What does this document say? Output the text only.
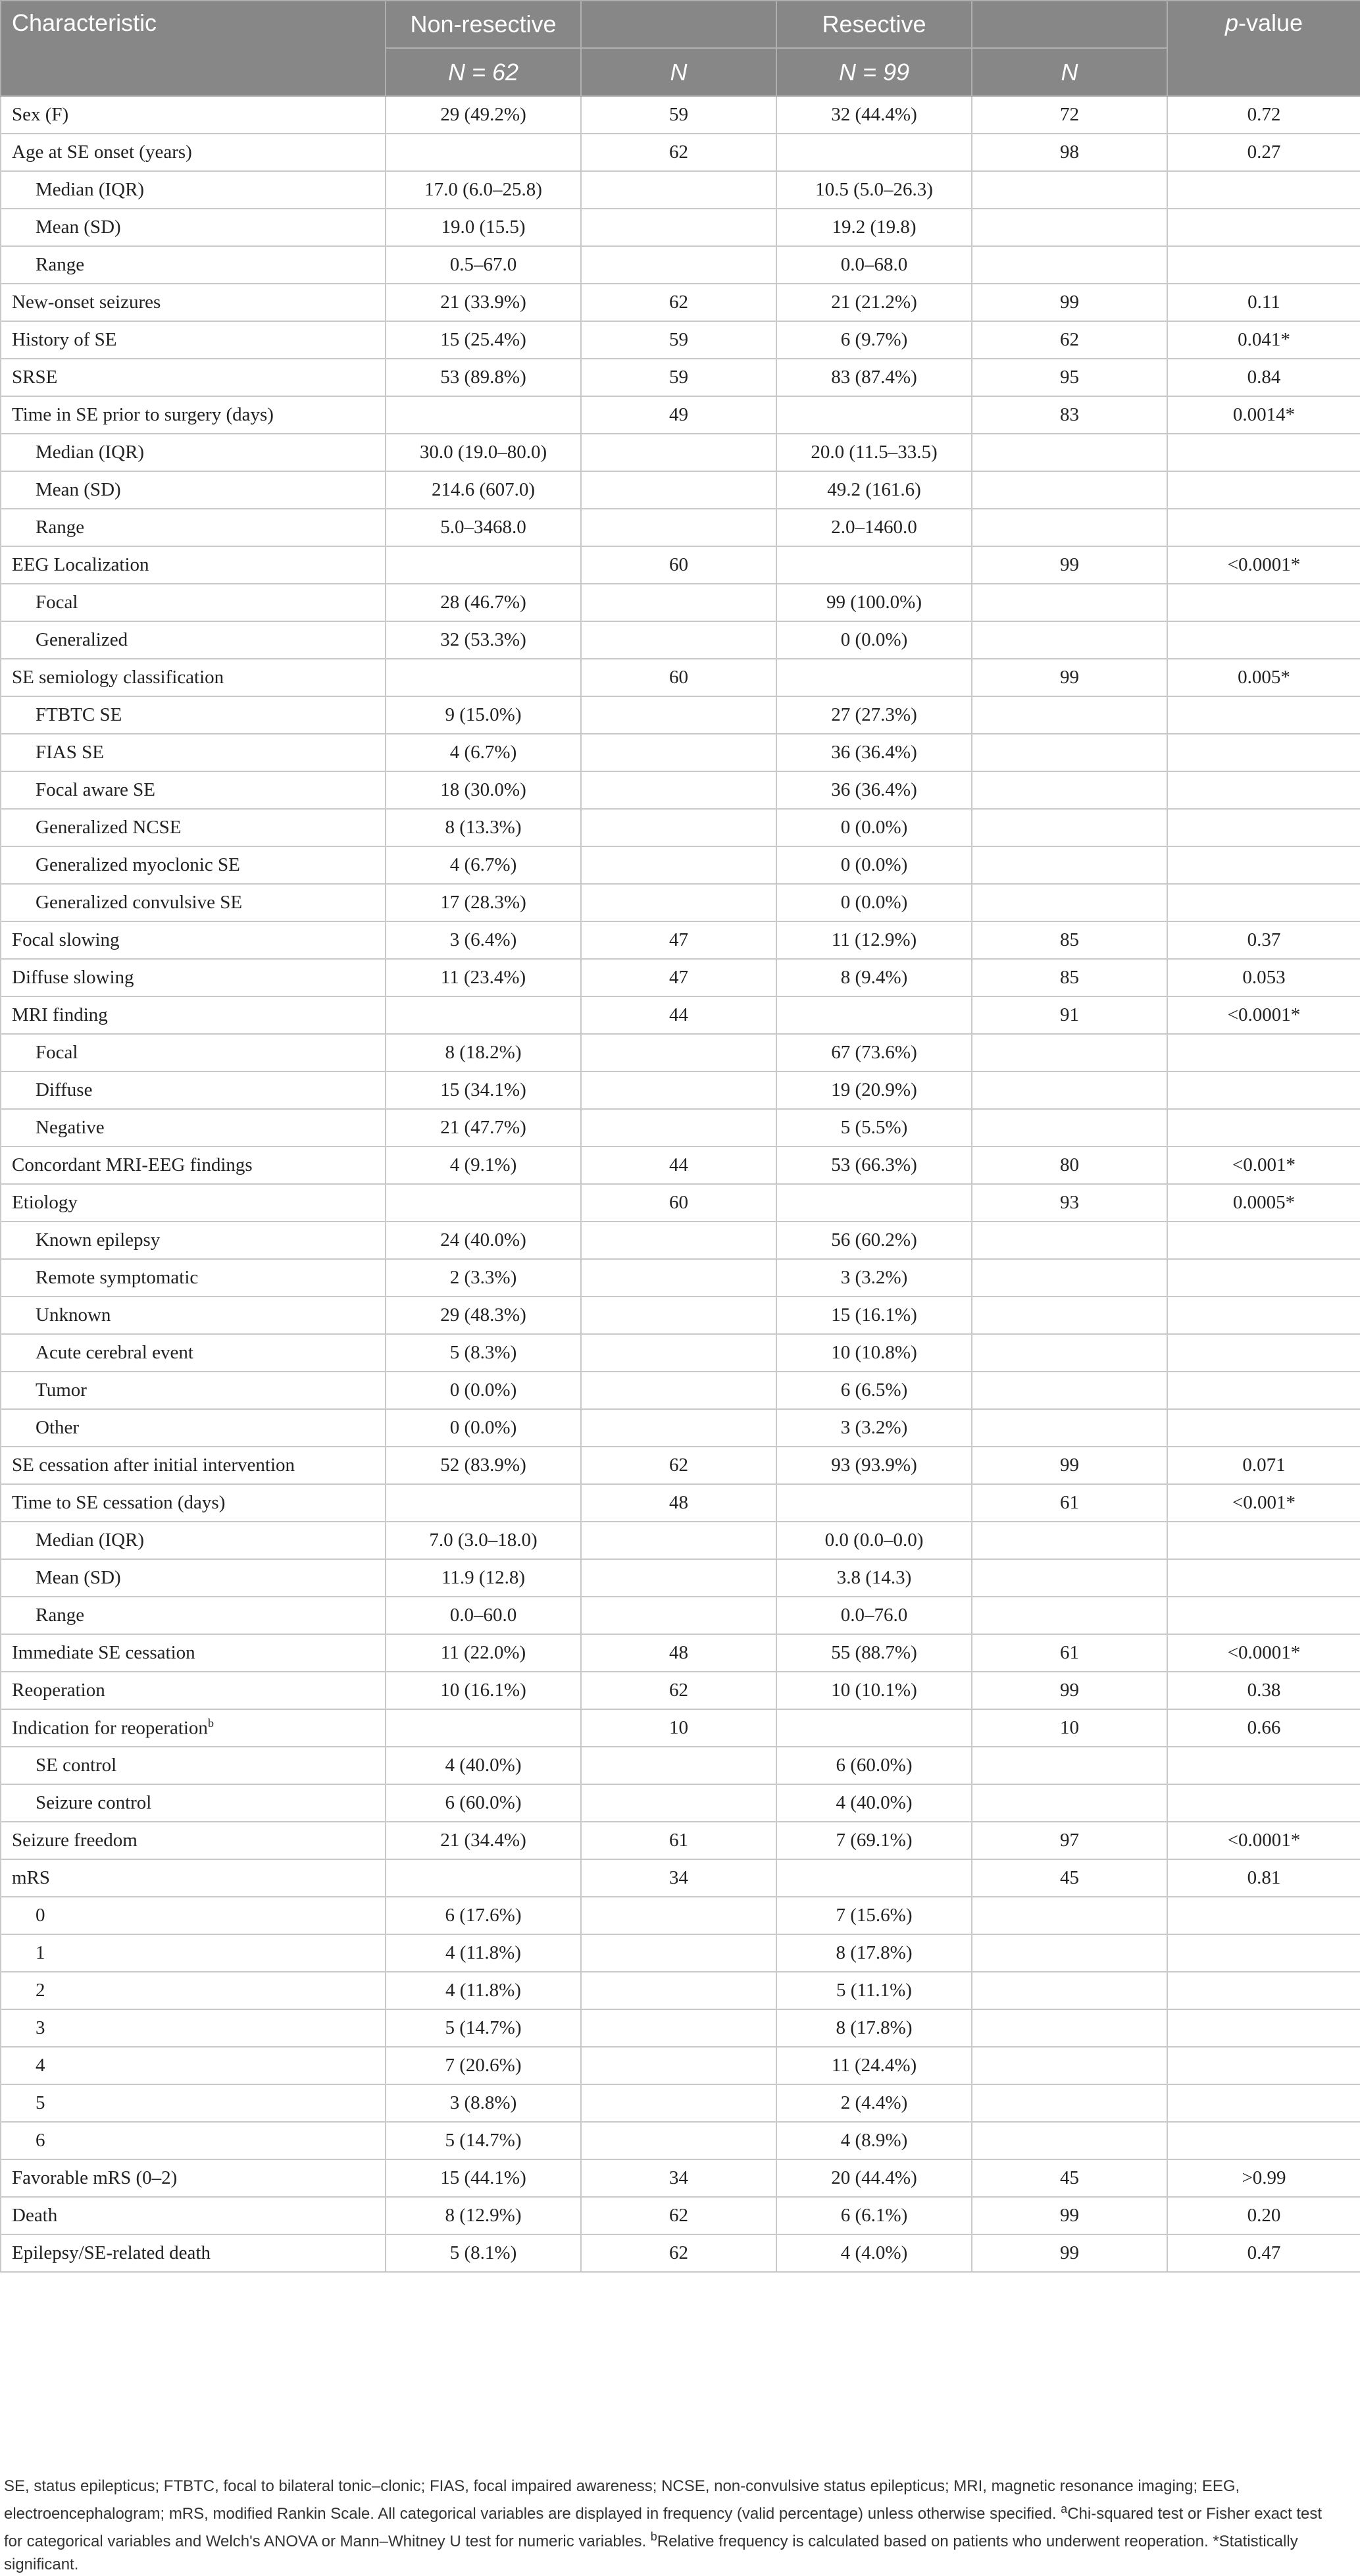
Characteristic	Non-resective		Resective		p-value
	N = 62	N	N = 99	N	
Sex (F)	29 (49.2%)	59	32 (44.4%)	72	0.72
Age at SE onset (years)		62		98	0.27
Median (IQR)	17.0 (6.0–25.8)		10.5 (5.0–26.3)		
Mean (SD)	19.0 (15.5)		19.2 (19.8)		
Range	0.5–67.0		0.0–68.0		
New-onset seizures	21 (33.9%)	62	21 (21.2%)	99	0.11
History of SE	15 (25.4%)	59	6 (9.7%)	62	0.041*
SRSE	53 (89.8%)	59	83 (87.4%)	95	0.84
Time in SE prior to surgery (days)		49		83	0.0014*
Median (IQR)	30.0 (19.0–80.0)		20.0 (11.5–33.5)		
Mean (SD)	214.6 (607.0)		49.2 (161.6)		
Range	5.0–3468.0		2.0–1460.0		
EEG Localization		60		99	<0.0001*
Focal	28 (46.7%)		99 (100.0%)		
Generalized	32 (53.3%)		0 (0.0%)		
SE semiology classification		60		99	0.005*
FTBTC SE	9 (15.0%)		27 (27.3%)		
FIAS SE	4 (6.7%)		36 (36.4%)		
Focal aware SE	18 (30.0%)		36 (36.4%)		
Generalized NCSE	8 (13.3%)		0 (0.0%)		
Generalized myoclonic SE	4 (6.7%)		0 (0.0%)		
Generalized convulsive SE	17 (28.3%)		0 (0.0%)		
Focal slowing	3 (6.4%)	47	11 (12.9%)	85	0.37
Diffuse slowing	11 (23.4%)	47	8 (9.4%)	85	0.053
MRI finding		44		91	<0.0001*
Focal	8 (18.2%)		67 (73.6%)		
Diffuse	15 (34.1%)		19 (20.9%)		
Negative	21 (47.7%)		5 (5.5%)		
Concordant MRI-EEG findings	4 (9.1%)	44	53 (66.3%)	80	<0.001*
Etiology		60		93	0.0005*
Known epilepsy	24 (40.0%)		56 (60.2%)		
Remote symptomatic	2 (3.3%)		3 (3.2%)		
Unknown	29 (48.3%)		15 (16.1%)		
Acute cerebral event	5 (8.3%)		10 (10.8%)		
Tumor	0 (0.0%)		6 (6.5%)		
Other	0 (0.0%)		3 (3.2%)		
SE cessation after initial intervention	52 (83.9%)	62	93 (93.9%)	99	0.071
Time to SE cessation (days)		48		61	<0.001*
Median (IQR)	7.0 (3.0–18.0)		0.0 (0.0–0.0)		
Mean (SD)	11.9 (12.8)		3.8 (14.3)		
Range	0.0–60.0		0.0–76.0		
Immediate SE cessation	11 (22.0%)	48	55 (88.7%)	61	<0.0001*
Reoperation	10 (16.1%)	62	10 (10.1%)	99	0.38
Indication for reoperation$^b$		10		10	0.66
SE control	4 (40.0%)		6 (60.0%)		
Seizure control	6 (60.0%)		4 (40.0%)		
Seizure freedom	21 (34.4%)	61	7 (69.1%)	97	<0.0001*
mRS		34		45	0.81
0	6 (17.6%)		7 (15.6%)		
1	4 (11.8%)		8 (17.8%)		
2	4 (11.8%)		5 (11.1%)		
3	5 (14.7%)		8 (17.8%)		
4	7 (20.6%)		11 (24.4%)		
5	3 (8.8%)		2 (4.4%)		
6	5 (14.7%)		4 (8.9%)		
Favorable mRS (0–2)	15 (44.1%)	34	20 (44.4%)	45	>0.99
Death	8 (12.9%)	62	6 (6.1%)	99	0.20
Epilepsy/SE-related death	5 (8.1%)	62	4 (4.0%)	99	0.47

SE, status epilepticus; FTBTC, focal to bilateral tonic–clonic; FIAS, focal impaired awareness; NCSE, non-convulsive status epilepticus; MRI, magnetic resonance imaging; EEG, electroencephalogram; mRS, modified Rankin Scale. All categorical variables are displayed in frequency (valid percentage) unless otherwise specified. $^a$Chi-squared test or Fisher exact test for categorical variables and Welch's ANOVA or Mann–Whitney U test for numeric variables. $^b$Relative frequency is calculated based on patients who underwent reoperation. *Statistically significant.
